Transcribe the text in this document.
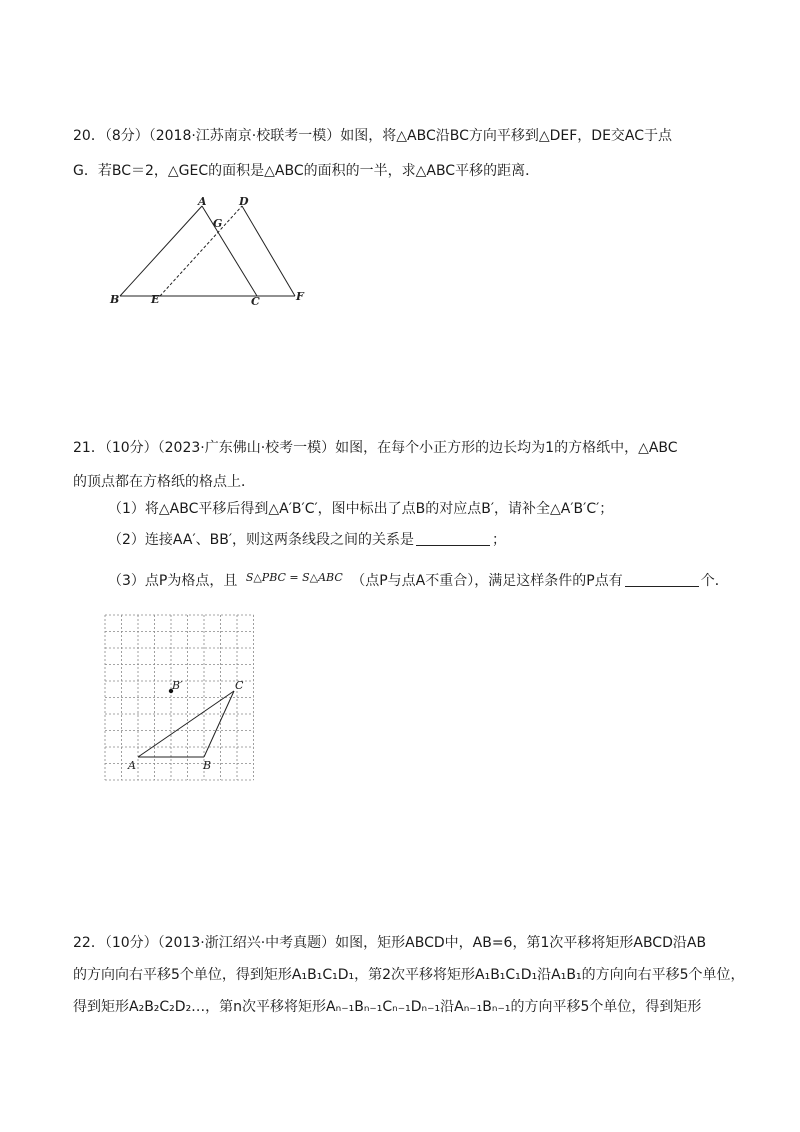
20．（8分）（2018·江苏南京·校联考一模）如图，将△ABC沿BC方向平移到△DEF，DE交AC于点
G．若BC＝2，△GEC的面积是△ABC的面积的一半，求△ABC平移的距离．
A	D
G
B	E	C	F
21．（10分）（2023·广东佛山·校考一模）如图，在每个小正方形的边长均为1的方格纸中，△ABC
的顶点都在方格纸的格点上．
（1）将△ABC平移后得到△A′B′C′，图中标出了点B的对应点B′，请补全△A′B′C′；
（2）连接AA′、BB′，则这两条线段之间的关系是	；
（3）点P为格点，且 $^{S\triangle PBC = S\triangle ABC}$ （点P与点A不重合），满足这样条件的P点有	个．
A	B
C
B′
22．（10分）（2013·浙江绍兴·中考真题）如图，矩形ABCD中，AB=6，第1次平移将矩形ABCD沿AB
的方向向右平移5个单位，得到矩形A₁B₁C₁D₁，第2次平移将矩形A₁B₁C₁D₁沿A₁B₁的方向向右平移5个单位，
得到矩形A₂B₂C₂D₂…，第n次平移将矩形Aₙ₋₁Bₙ₋₁Cₙ₋₁Dₙ₋₁沿Aₙ₋₁Bₙ₋₁的方向平移5个单位，得到矩形
